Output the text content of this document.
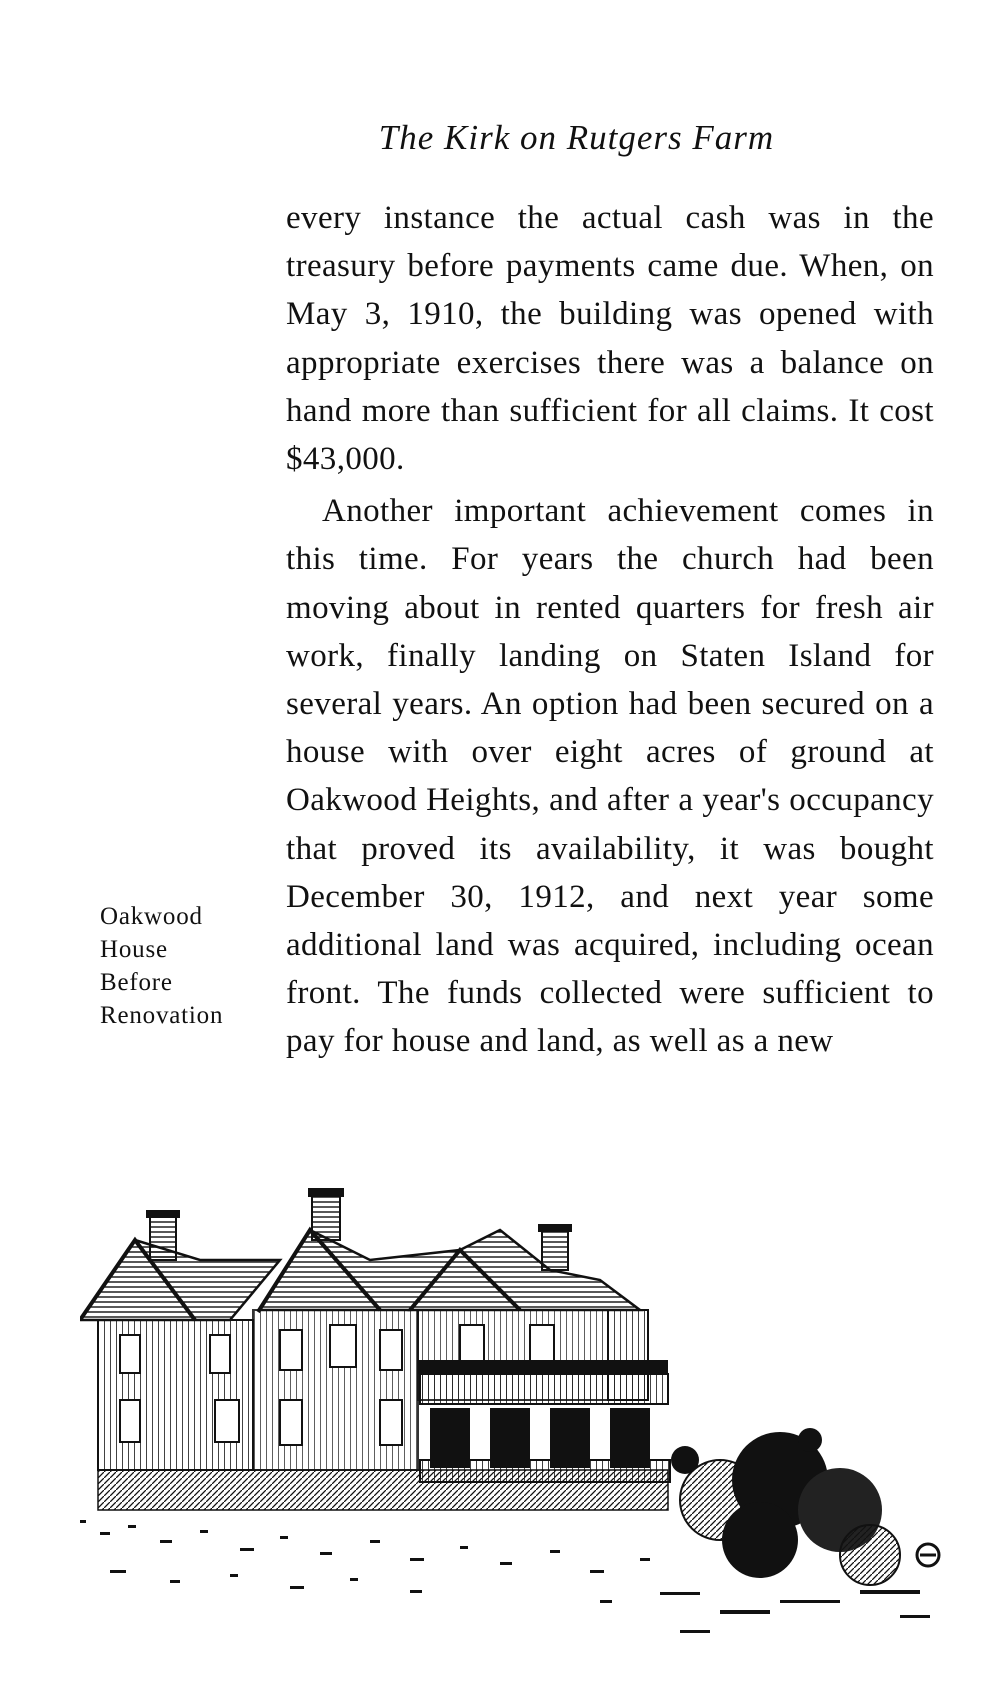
The Kirk on Rutgers Farm

every instance the actual cash was in the treasury before payments came due. When, on May 3, 1910, the building was opened with appropriate exercises there was a balance on hand more than sufficient for all claims. It cost $43,000.

Another important achievement comes in this time. For years the church had been moving about in rented quarters for fresh air work, finally landing on Staten Island for several years. An option had been secured on a house with over eight acres of ground at Oakwood Heights, and after a year's occupancy that proved its availability, it was bought December 30, 1912, and next year some additional land was acquired, including ocean front. The funds collected were sufficient to pay for house and land, as well as a new

Oakwood
House
Before
Renovation
